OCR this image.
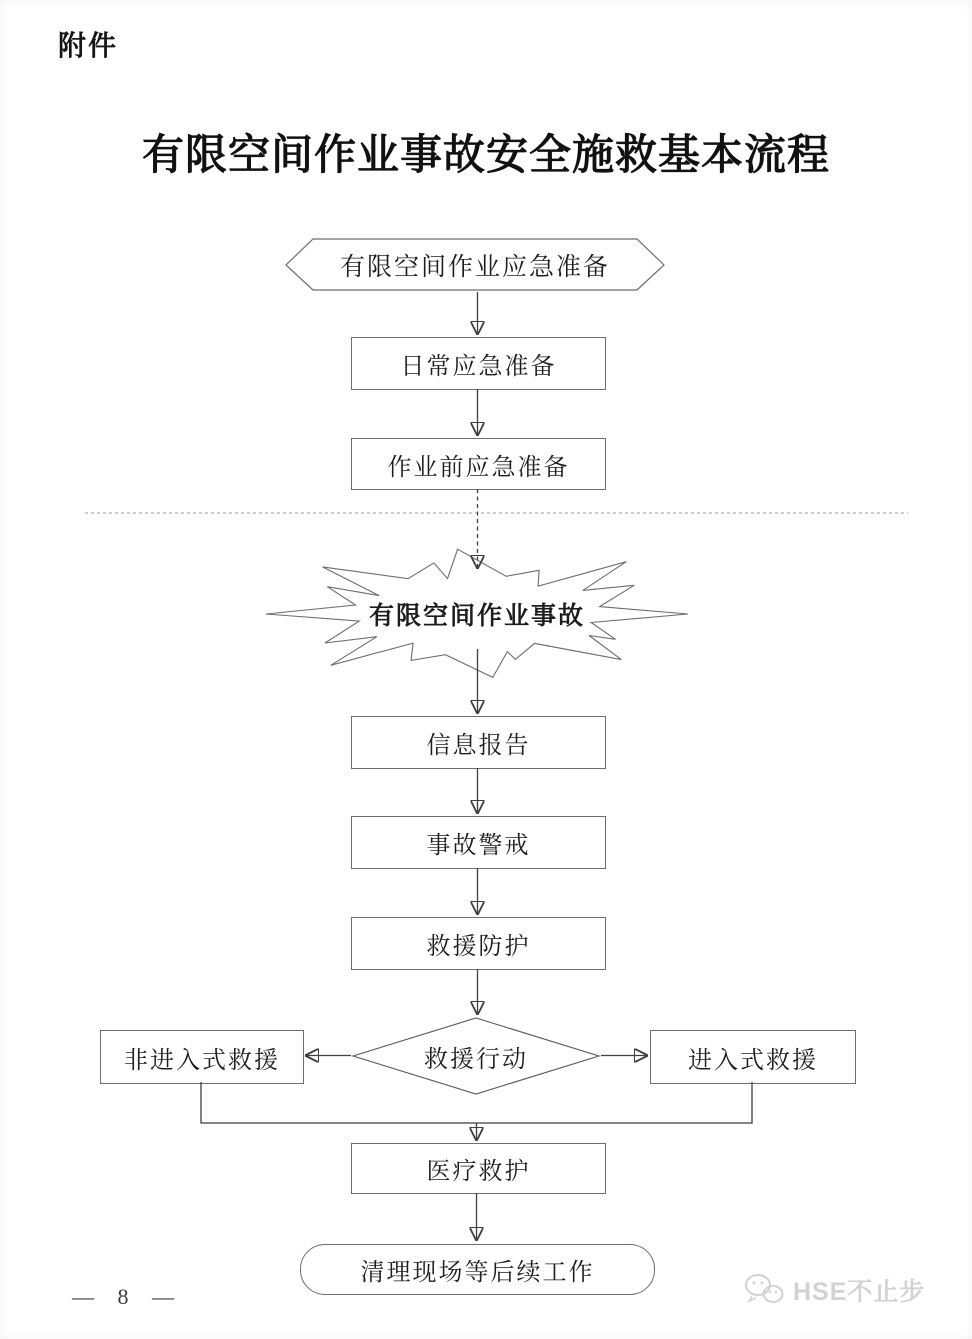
附件
有限空间作业事故安全施救基本流程
有限空间作业应急准备
日常应急准备
作业前应急准备
有限空间作业事故
信息报告
事故警戒
救援防护
救援行动
非进入式救援	进入式救援
医疗救护
清理现场等后续工作
— 8 —	HSE不止步
